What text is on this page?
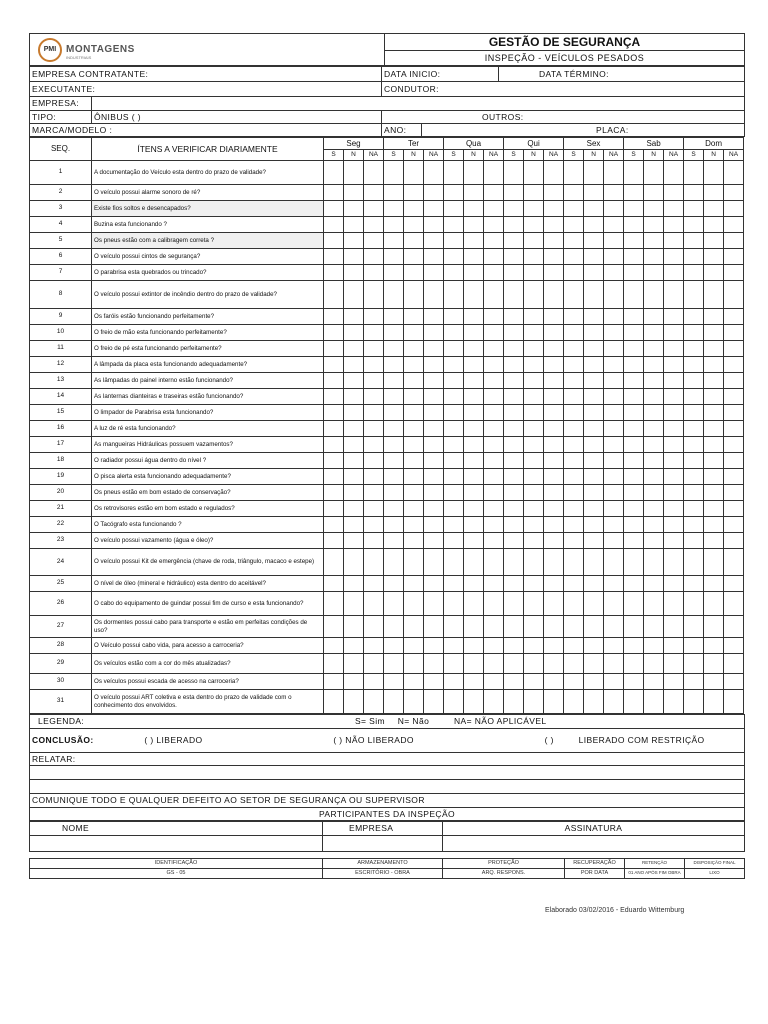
PMI MONTAGENS
INDUSTRIAIS
	GESTÃO DE SEGURANÇA
INSPEÇÃO - VEÍCULOS PESADOS
EMPRESA CONTRATANTE:		DATA INICIO:		DATA TÉRMINO:
EXECUTANTE:		CONDUTOR:		
EMPRESA:				
TIPO:	ÔNIBUS ( )	OUTROS:		
MARCA/MODELO :		ANO:	PLACA:	
SEQ.	ÍTENS A VERIFICAR DIARIAMENTE	Seg			Ter			Qua			Qui			Sex			Sab			Dom		
		S	N	NA	S	N	NA	S	N	NA	S	N	NA	S	N	NA	S	N	NA	S	N	NA
1	A documentação do Veículo esta dentro do prazo de validade?																					
2	O veículo possui alarme sonoro de ré?																					
3	Existe fios soltos e desencapados?																					
4	Buzina esta funcionando ?																					
5	Os pneus estão com a calibragem correta ?																					
6	O veículo possui cintos de segurança?																					
7	O parabrisa esta quebrados ou trincado?																					
8	O veículo possui extintor de incêndio dentro do prazo de validade?																					
9	Os faróis estão funcionando perfeitamente?																					
10	O freio de mão esta funcionando perfeitamente?																					
11	O freio de pé esta funcionando perfeitamente?																					
12	A lâmpada da placa esta funcionando adequadamente?																					
13	As lâmpadas do painel interno estão funcionando?																					
14	As lanternas dianteiras e traseiras estão funcionando?																					
15	O limpador de Parabrisa esta funcionando?																					
16	A luz de ré esta funcionando?																					
17	As mangueiras Hidráulicas possuem vazamentos?																					
18	O radiador possui água dentro do nível ?																					
19	O pisca alerta esta funcionando adequadamente?																					
20	Os pneus estão em bom estado de conservação?																					
21	Os retrovisores estão em bom estado e regulados?																					
22	O Tacógrafo esta funcionando ?																					
23	O veículo possui vazamento (água e óleo)?																					
24	O veículo possui Kit de emergência (chave de roda, triângulo, macaco e estepe)																					
25	O nível de óleo (mineral e hidráulico) esta dentro do aceitável?																					
26	O cabo do equipamento de guindar possui fim de curso e esta funcionando?																					
27	Os dormentes possui cabo para transporte e estão em perfeitas condições de uso?																					
28	O Veículo possui cabo vida, para acesso a carroceria?																					
29	Os veículos estão com a cor do mês atualizadas?																					
30	Os veículos possui escada de acesso na carroceria?																					
31	O veículo possui ART coletiva e esta dentro do prazo de validade com o conhecimento dos envolvidos.																					
LEGENDA:	S= Sim N= Não	NA= NÃO APLICÁVEL
CONCLUSÃO:	( ) LIBERADO	( ) NÃO LIBERADO	( )	LIBERADO COM RESTRIÇÃO
RELATAR:

COMUNIQUE TODO E QUALQUER DEFEITO AO SETOR DE SEGURANÇA OU SUPERVISOR
PARTICIPANTES DA INSPEÇÃO
NOME	EMPRESA	ASSINATURA

IDENTIFICAÇÃO	ARMAZENAMENTO	PROTEÇÃO	RECUPERAÇÃO	RETENÇÃO	DISPOSIÇÃO FINAL
GS - 05	ESCRITÓRIO - OBRA	ARQ. RESPONS.	POR DATA	01 ANO APÓS FIM OBRA	LIXO
Elaborado 03/02/2016 - Eduardo Wittemburg
